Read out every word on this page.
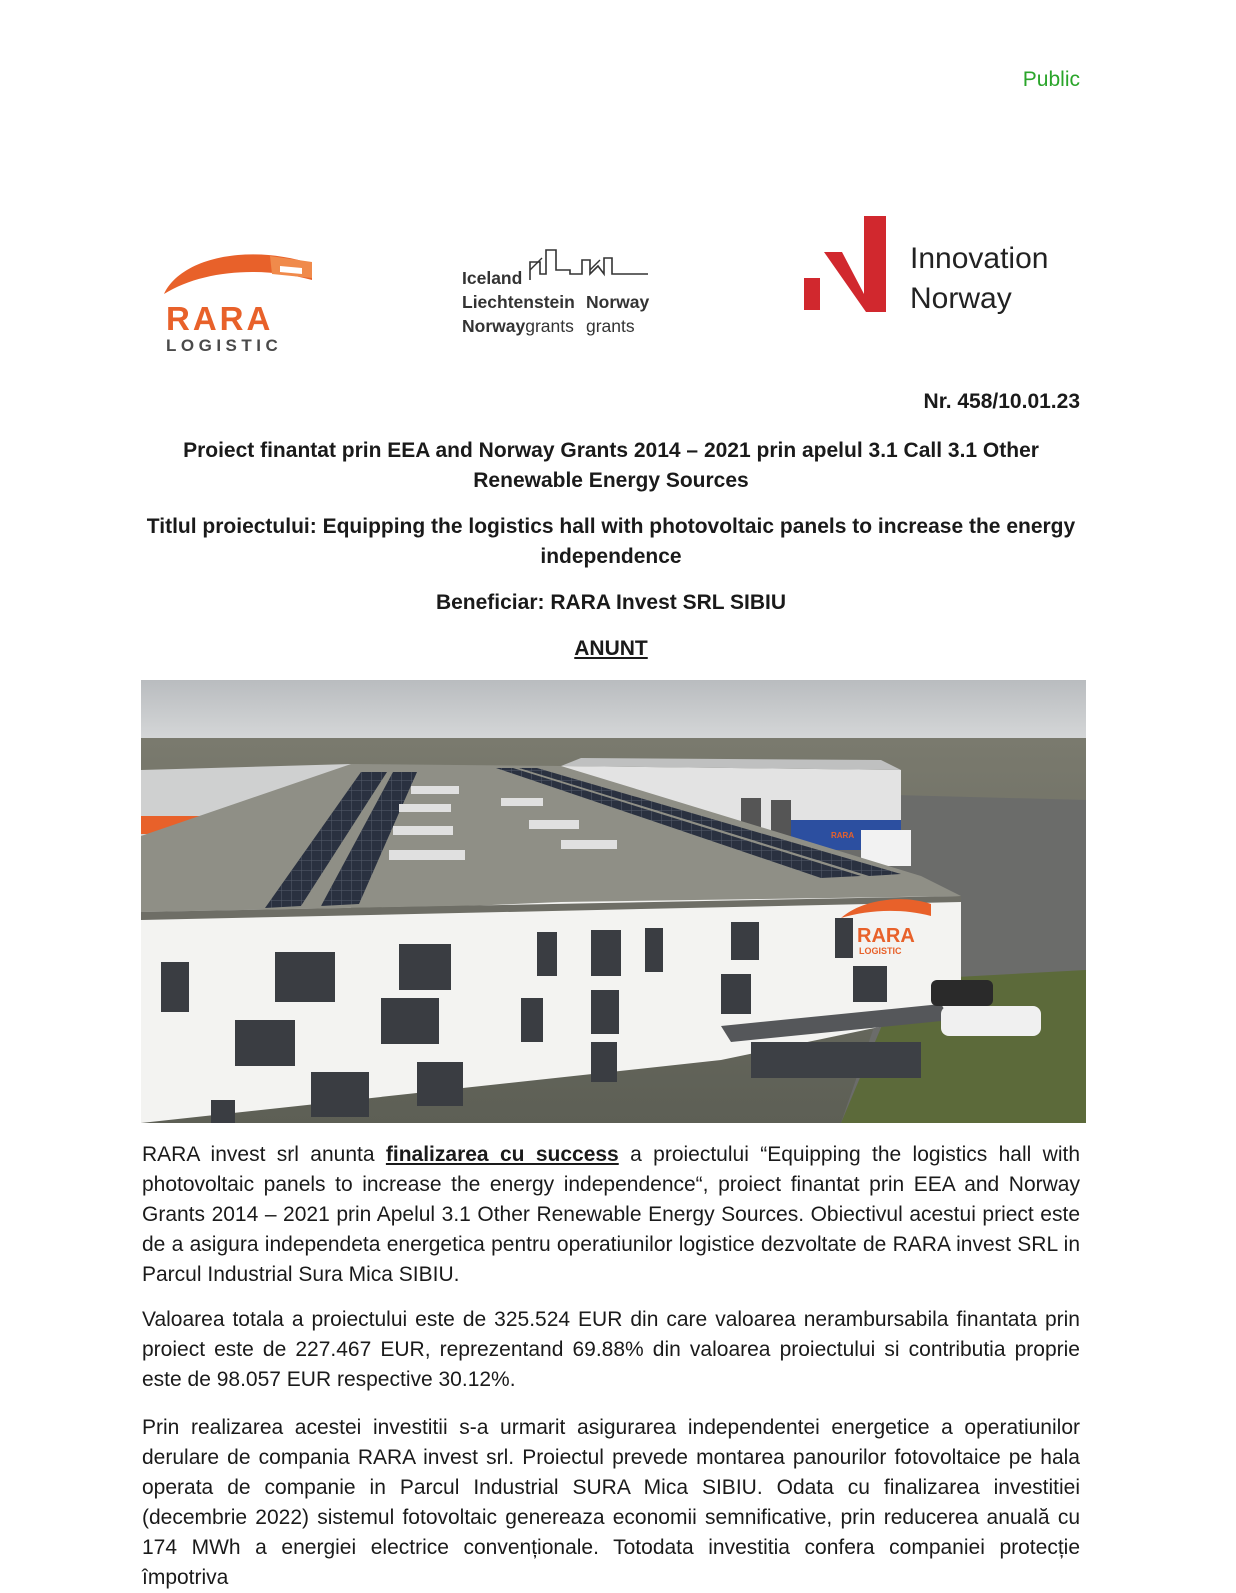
Public
RARA
LOGISTIC
Iceland
Liechtenstein Norway
Norwaygrants grants
Innovation
Norway
Nr. 458/10.01.23
Proiect finantat prin EEA and Norway Grants 2014 – 2021 prin apelul 3.1 Call 3.1 Other Renewable Energy Sources
Titlul proiectului: Equipping the logistics hall with photovoltaic panels to increase the energy independence
Beneficiar: RARA Invest SRL SIBIU
ANUNT
RARA
RARA
LOGISTIC

RARA invest srl anunta finalizarea cu success a proiectului “Equipping the logistics hall with photovoltaic panels to increase the energy independence“, proiect finantat prin EEA and Norway Grants 2014 – 2021 prin Apelul 3.1 Other Renewable Energy Sources. Obiectivul acestui priect este de a asigura independeta energetica pentru operatiunilor logistice dezvoltate de RARA invest SRL in Parcul Industrial Sura Mica SIBIU.

Valoarea totala a proiectului este de 325.524 EUR din care valoarea nerambursabila finantata prin proiect este de 227.467 EUR, reprezentand 69.88% din valoarea proiectului si contributia proprie este de 98.057 EUR respective 30.12%.

Prin realizarea acestei investitii s-a urmarit asigurarea independentei energetice a operatiunilor derulare de compania RARA invest srl. Proiectul prevede montarea panourilor fotovoltaice pe hala operata de companie in Parcul Industrial SURA Mica SIBIU. Odata cu finalizarea investitiei (decembrie 2022) sistemul fotovoltaic genereaza economii semnificative, prin reducerea anuală cu 174 MWh a energiei electrice convenționale. Totodata investitia confera companiei protecție împotriva
